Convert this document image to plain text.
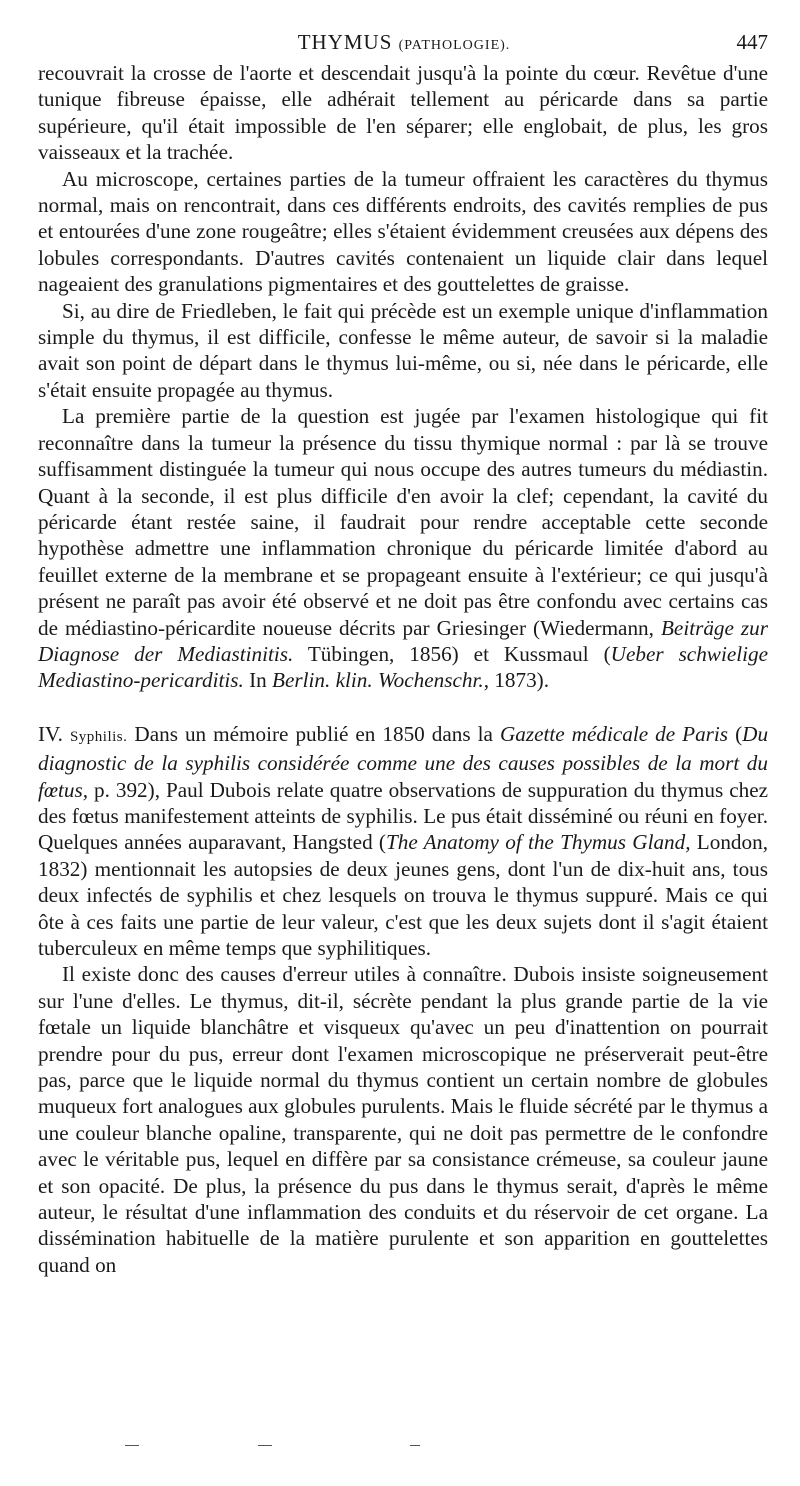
THYMUS (PATHOLOGIE).	447

recouvrait la crosse de l'aorte et descendait jusqu'à la pointe du cœur. Revêtue d'une tunique fibreuse épaisse, elle adhérait tellement au péricarde dans sa partie supérieure, qu'il était impossible de l'en séparer; elle englobait, de plus, les gros vaisseaux et la trachée.

Au microscope, certaines parties de la tumeur offraient les caractères du thymus normal, mais on rencontrait, dans ces différents endroits, des cavités remplies de pus et entourées d'une zone rougeâtre; elles s'étaient évidemment creusées aux dépens des lobules correspondants. D'autres cavités contenaient un liquide clair dans lequel nageaient des granulations pigmentaires et des gouttelettes de graisse.

Si, au dire de Friedleben, le fait qui précède est un exemple unique d'inflammation simple du thymus, il est difficile, confesse le même auteur, de savoir si la maladie avait son point de départ dans le thymus lui-même, ou si, née dans le péricarde, elle s'était ensuite propagée au thymus.

La première partie de la question est jugée par l'examen histologique qui fit reconnaître dans la tumeur la présence du tissu thymique normal : par là se trouve suffisamment distinguée la tumeur qui nous occupe des autres tumeurs du médiastin. Quant à la seconde, il est plus difficile d'en avoir la clef; cependant, la cavité du péricarde étant restée saine, il faudrait pour rendre acceptable cette seconde hypothèse admettre une inflammation chronique du péricarde limitée d'abord au feuillet externe de la membrane et se propageant ensuite à l'extérieur; ce qui jusqu'à présent ne paraît pas avoir été observé et ne doit pas être confondu avec certains cas de médiastino-péricardite noueuse décrits par Griesinger (Wiedermann, Beiträge zur Diagnose der Mediastinitis. Tübingen, 1856) et Kussmaul (Ueber schwielige Mediastino-pericarditis. In Berlin. klin. Wochenschr., 1873).

IV. Syphilis. Dans un mémoire publié en 1850 dans la Gazette médicale de Paris (Du diagnostic de la syphilis considérée comme une des causes possibles de la mort du fœtus, p. 392), Paul Dubois relate quatre observations de suppuration du thymus chez des fœtus manifestement atteints de syphilis. Le pus était disséminé ou réuni en foyer. Quelques années auparavant, Hangsted (The Anatomy of the Thymus Gland, London, 1832) mentionnait les autopsies de deux jeunes gens, dont l'un de dix-huit ans, tous deux infectés de syphilis et chez lesquels on trouva le thymus suppuré. Mais ce qui ôte à ces faits une partie de leur valeur, c'est que les deux sujets dont il s'agit étaient tuberculeux en même temps que syphilitiques.

Il existe donc des causes d'erreur utiles à connaître. Dubois insiste soigneusement sur l'une d'elles. Le thymus, dit-il, sécrète pendant la plus grande partie de la vie fœtale un liquide blanchâtre et visqueux qu'avec un peu d'inattention on pourrait prendre pour du pus, erreur dont l'examen microscopique ne préserverait peut-être pas, parce que le liquide normal du thymus contient un certain nombre de globules muqueux fort analogues aux globules purulents. Mais le fluide sécrété par le thymus a une couleur blanche opaline, transparente, qui ne doit pas permettre de le confondre avec le véritable pus, lequel en diffère par sa consistance crémeuse, sa couleur jaune et son opacité. De plus, la présence du pus dans le thymus serait, d'après le même auteur, le résultat d'une inflammation des conduits et du réservoir de cet organe. La dissémination habituelle de la matière purulente et son apparition en gouttelettes quand on
